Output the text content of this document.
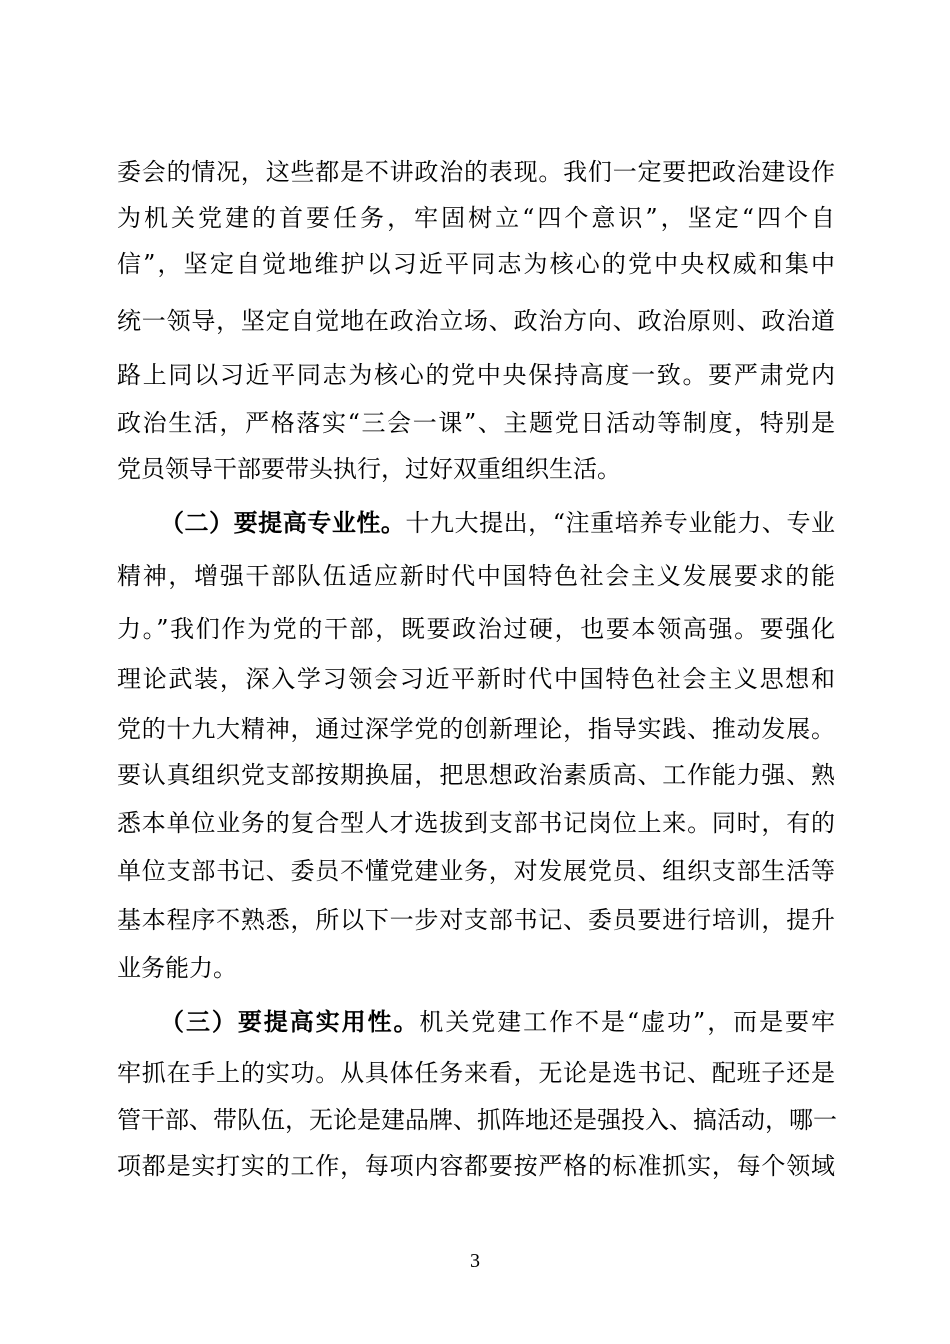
委会的情况，这些都是不讲政治的表现。我们一定要把政治建设作
为机关党建的首要任务，牢固树立“四个意识”，坚定“四个自
信”，坚定自觉地维护以习近平同志为核心的党中央权威和集中
统一领导，坚定自觉地在政治立场、政治方向、政治原则、政治道
路上同以习近平同志为核心的党中央保持高度一致。要严肃党内
政治生活，严格落实“三会一课”、主题党日活动等制度，特别是
党员领导干部要带头执行，过好双重组织生活。
（二）要提高专业性。十九大提出，“注重培养专业能力、专业
精神，增强干部队伍适应新时代中国特色社会主义发展要求的能
力。”我们作为党的干部，既要政治过硬，也要本领高强。要强化
理论武装，深入学习领会习近平新时代中国特色社会主义思想和
党的十九大精神，通过深学党的创新理论，指导实践、推动发展。
要认真组织党支部按期换届，把思想政治素质高、工作能力强、熟
悉本单位业务的复合型人才选拔到支部书记岗位上来。同时，有的
单位支部书记、委员不懂党建业务，对发展党员、组织支部生活等
基本程序不熟悉，所以下一步对支部书记、委员要进行培训，提升
业务能力。
（三）要提高实用性。机关党建工作不是“虚功”，而是要牢
牢抓在手上的实功。从具体任务来看，无论是选书记、配班子还是
管干部、带队伍，无论是建品牌、抓阵地还是强投入、搞活动，哪一
项都是实打实的工作，每项内容都要按严格的标准抓实，每个领域
3
